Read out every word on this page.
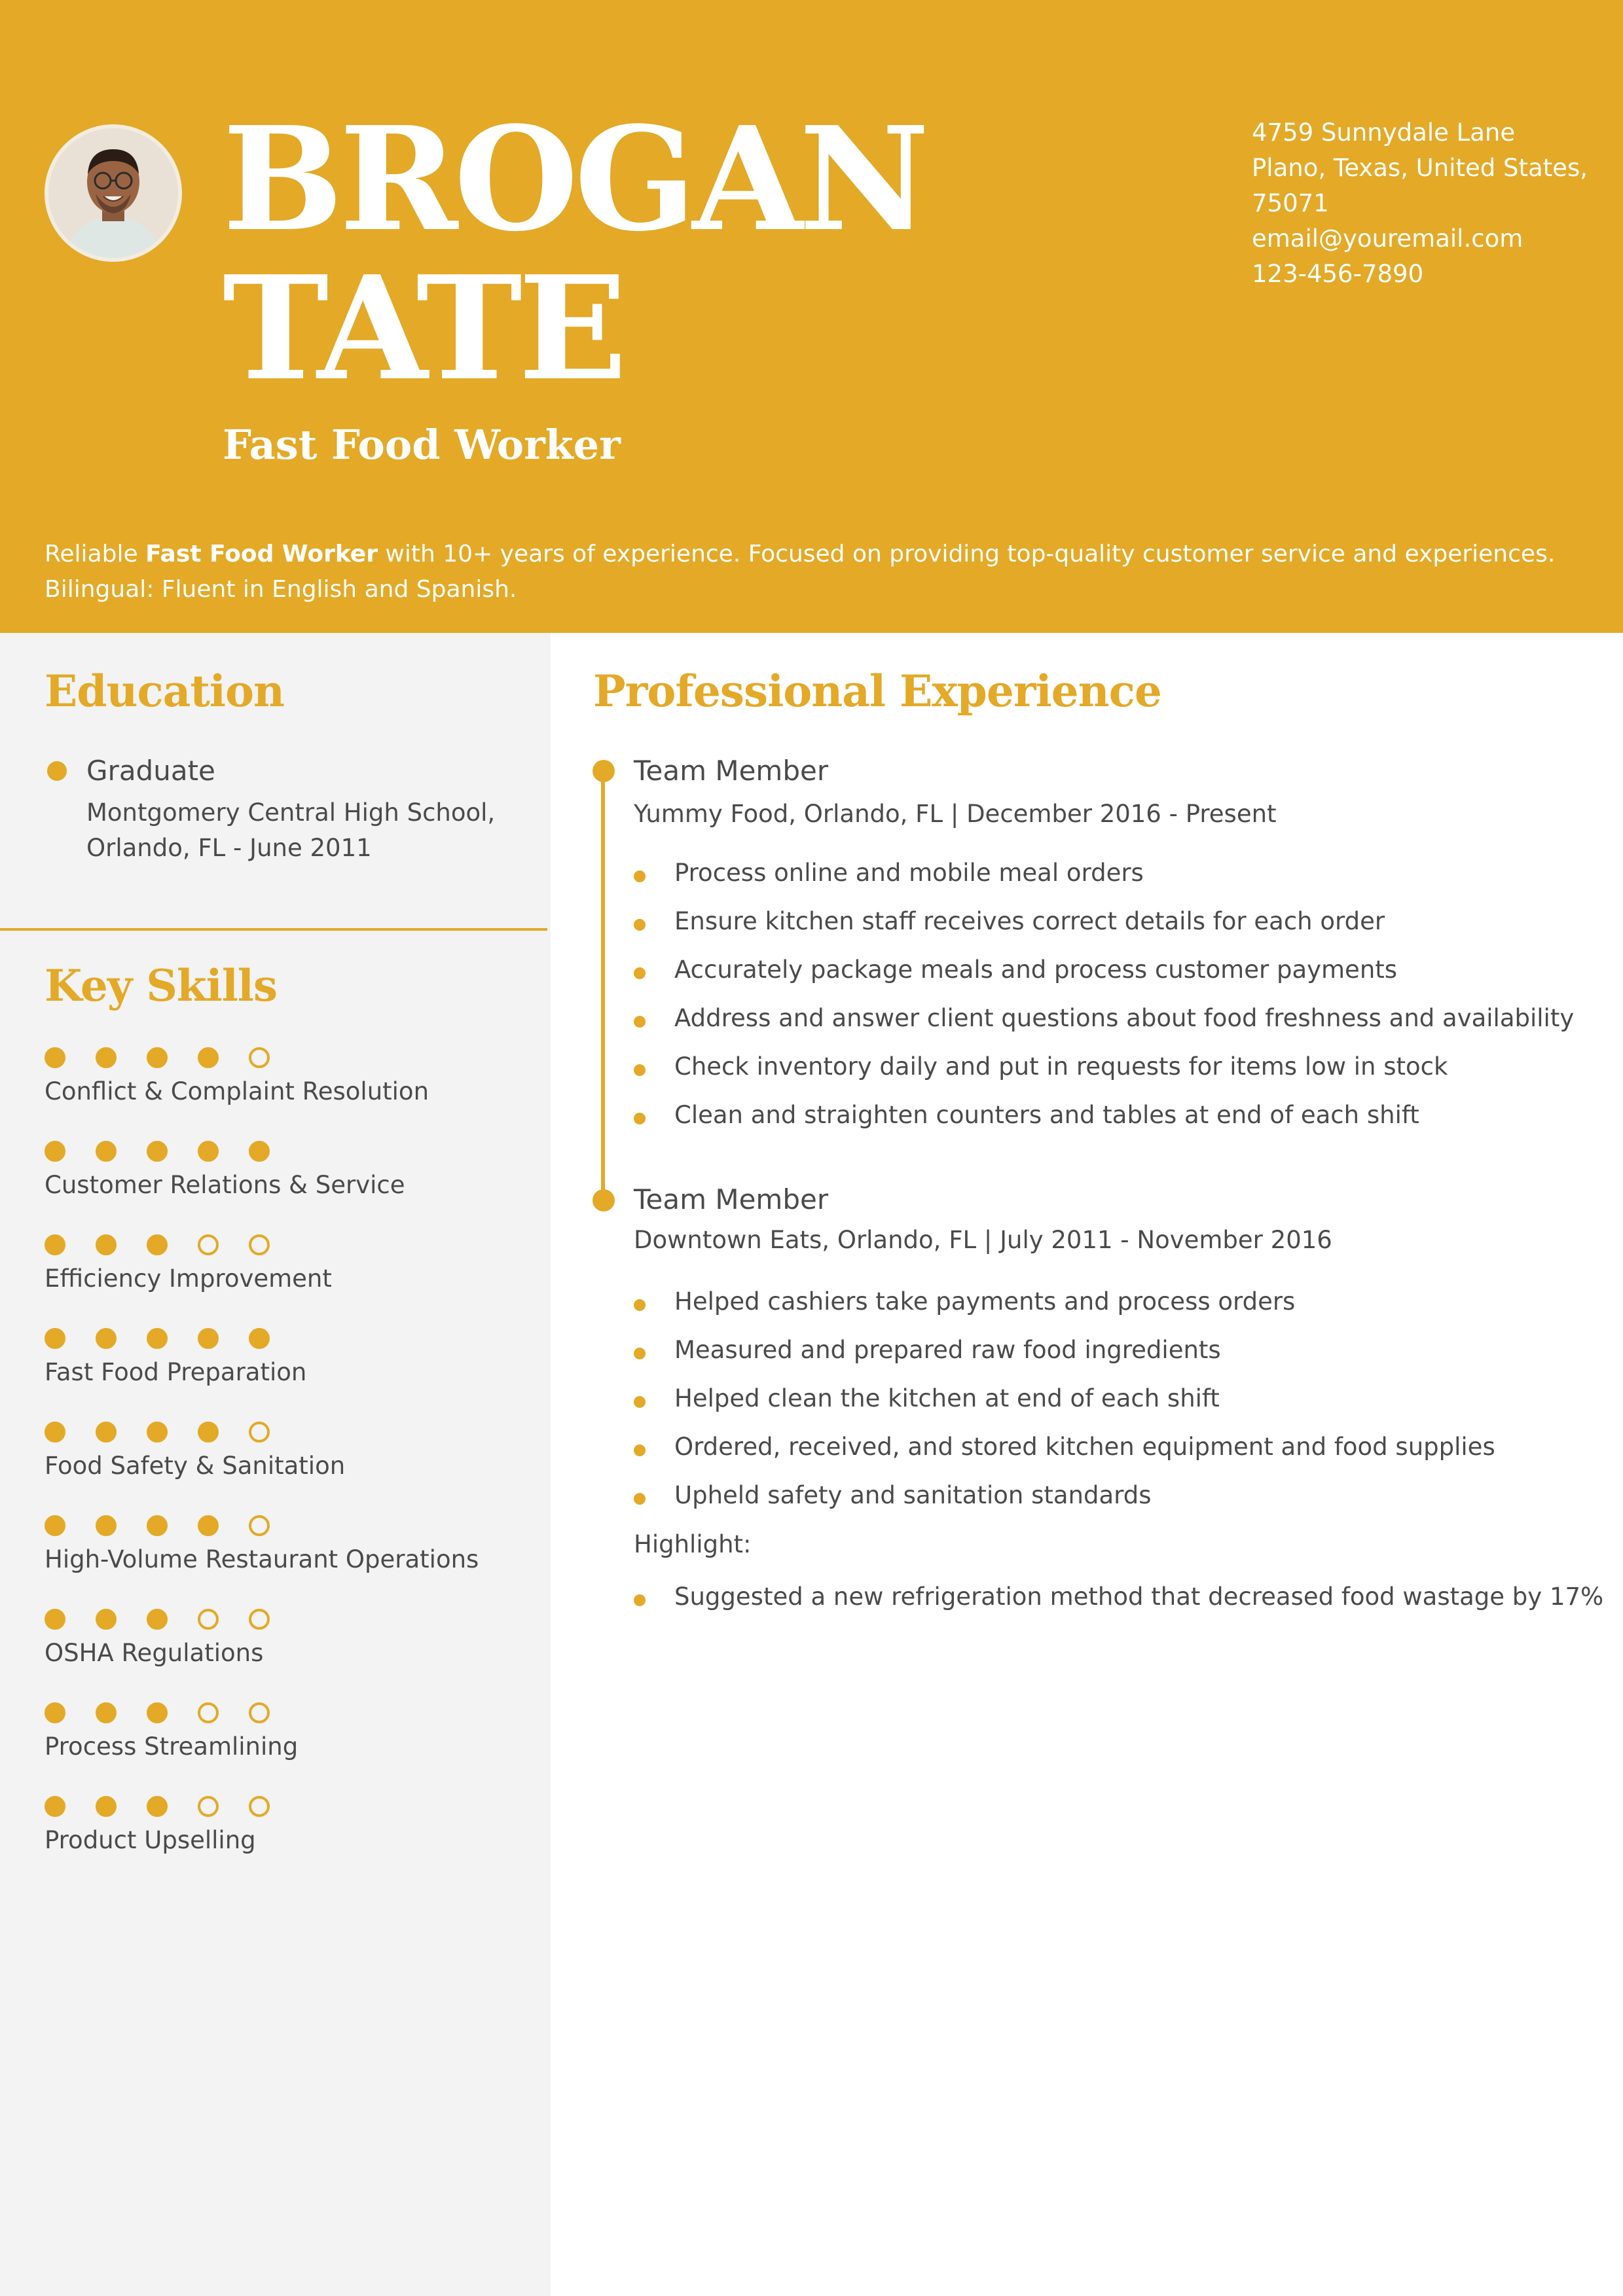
BROGAN
TATE
Fast Food Worker
4759 Sunnydale Lane
Plano, Texas, United States,
75071
email@youremail.com
123-456-7890
Reliable Fast Food Worker with 10+ years of experience. Focused on providing top-quality customer service and experiences. Bilingual: Fluent in English and Spanish.
Education
Graduate
Montgomery Central High School,
Orlando, FL - June 2011
Key Skills
Conflict & Complaint Resolution
Customer Relations & Service
Efficiency Improvement
Fast Food Preparation
Food Safety & Sanitation
High-Volume Restaurant Operations
OSHA Regulations
Process Streamlining
Product Upselling
Professional Experience
Team Member
Yummy Food, Orlando, FL | December 2016 - Present
Process online and mobile meal orders
Ensure kitchen staff receives correct details for each order
Accurately package meals and process customer payments
Address and answer client questions about food freshness and availability
Check inventory daily and put in requests for items low in stock
Clean and straighten counters and tables at end of each shift
Team Member
Downtown Eats, Orlando, FL | July 2011 - November 2016
Helped cashiers take payments and process orders
Measured and prepared raw food ingredients
Helped clean the kitchen at end of each shift
Ordered, received, and stored kitchen equipment and food supplies
Upheld safety and sanitation standards
Highlight:
Suggested a new refrigeration method that decreased food wastage by 17%
